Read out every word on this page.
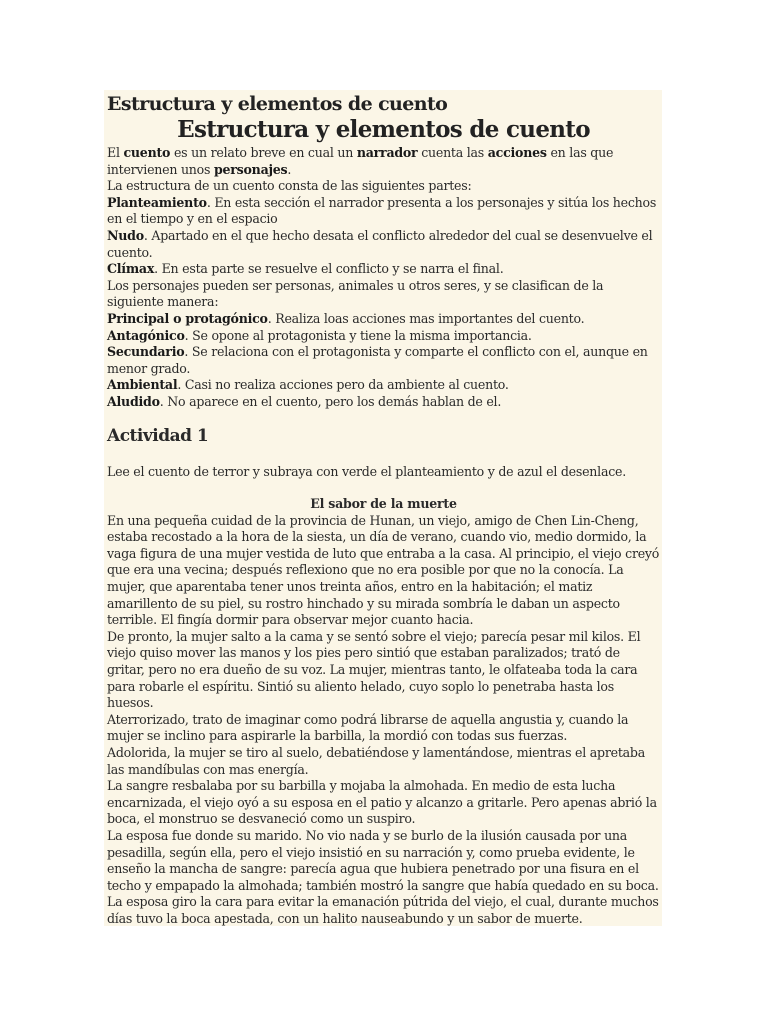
Estructura y elementos de cuento
Estructura y elementos de cuento

El cuento es un relato breve en cual un narrador cuenta las acciones en las que intervienen unos personajes.

La estructura de un cuento consta de las siguientes partes:

Planteamiento. En esta sección el narrador presenta a los personajes y sitúa los hechos en el tiempo y en el espacio

Nudo. Apartado en el que hecho desata el conflicto alrededor del cual se desenvuelve el cuento.

Clímax. En esta parte se resuelve el conflicto y se narra el final.

Los personajes pueden ser personas, animales u otros seres, y se clasifican de la siguiente manera:

Principal o protagónico. Realiza loas acciones mas importantes del cuento.

Antagónico. Se opone al protagonista y tiene la misma importancia.

Secundario. Se relaciona con el protagonista y comparte el conflicto con el, aunque en menor grado.

Ambiental. Casi no realiza acciones pero da ambiente al cuento.

Aludido. No aparece en el cuento, pero los demás hablan de el.

Actividad 1

Lee el cuento de terror y subraya con verde el planteamiento y de azul el desenlace.

El sabor de la muerte

En una pequeña cuidad de la provincia de Hunan, un viejo, amigo de Chen Lin-Cheng, estaba recostado a la hora de la siesta, un día de verano, cuando vio, medio dormido, la vaga figura de una mujer vestida de luto que entraba a la casa. Al principio, el viejo creyó que era una vecina; después reflexiono que no era posible por que no la conocía. La mujer, que aparentaba tener unos treinta años, entro en la habitación; el matiz amarillento de su piel, su rostro hinchado y su mirada sombría le daban un aspecto terrible. El fingía dormir para observar mejor cuanto hacia.

De pronto, la mujer salto a la cama y se sentó sobre el viejo; parecía pesar mil kilos. El viejo quiso mover las manos y los pies pero sintió que estaban paralizados; trató de gritar, pero no era dueño de su voz. La mujer, mientras tanto, le olfateaba toda la cara para robarle el espíritu. Sintió su aliento helado, cuyo soplo lo penetraba hasta los huesos.

Aterrorizado, trato de imaginar como podrá librarse de aquella angustia y, cuando la mujer se inclino para aspirarle la barbilla, la mordió con todas sus fuerzas.

Adolorida, la mujer se tiro al suelo, debatiéndose y lamentándose, mientras el apretaba las mandíbulas con mas energía.

La sangre resbalaba por su barbilla y mojaba la almohada. En medio de esta lucha encarnizada, el viejo oyó a su esposa en el patio y alcanzo a gritarle. Pero apenas abrió la boca, el monstruo se desvaneció como un suspiro.

La esposa fue donde su marido. No vio nada y se burlo de la ilusión causada por una pesadilla, según ella, pero el viejo insistió en su narración y, como prueba evidente, le enseño la mancha de sangre: parecía agua que hubiera penetrado por una fisura en el techo y empapado la almohada; también mostró la sangre que había quedado en su boca. La esposa giro la cara para evitar la emanación pútrida del viejo, el cual, durante muchos días tuvo la boca apestada, con un halito nauseabundo y un sabor de muerte.
